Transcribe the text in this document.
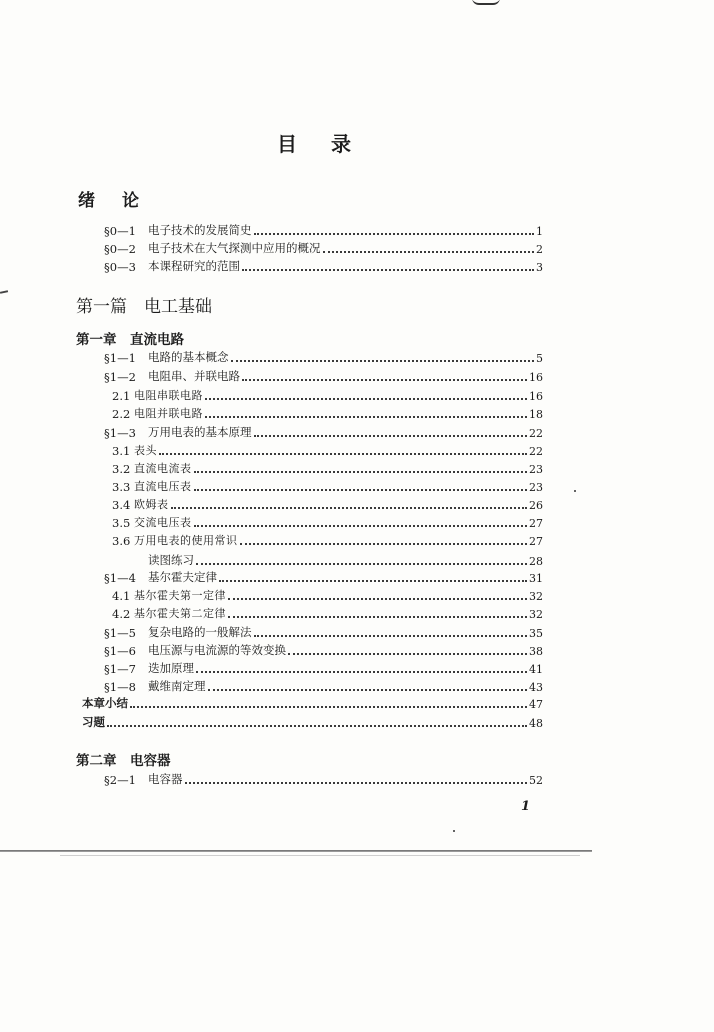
目　录
绪　论
§0—1	电子技术的发展简史	1
§0—2	电子技术在大气探测中应用的概况	2
§0—3	本课程研究的范围	3
第一篇　电工基础
第一章　直流电路
§1—1	电路的基本概念	5
§1—2	电阻串、并联电路	16
2.1 电阻串联电路	16
2.2 电阻并联电路	18
§1—3	万用电表的基本原理	22
3.1 表头	22
3.2 直流电流表	23
3.3 直流电压表	23
3.4 欧姆表	26
3.5 交流电压表	27
3.6 万用电表的使用常识	27
读图练习	28
§1—4	基尔霍夫定律	31
4.1 基尔霍夫第一定律	32
4.2 基尔霍夫第二定律	32
§1—5	复杂电路的一般解法	35
§1—6	电压源与电流源的等效变换	38
§1—7	迭加原理	41
§1—8	戴维南定理	43
本章小结	47
习题	48
第二章　电容器
§2—1	电容器	52
1
